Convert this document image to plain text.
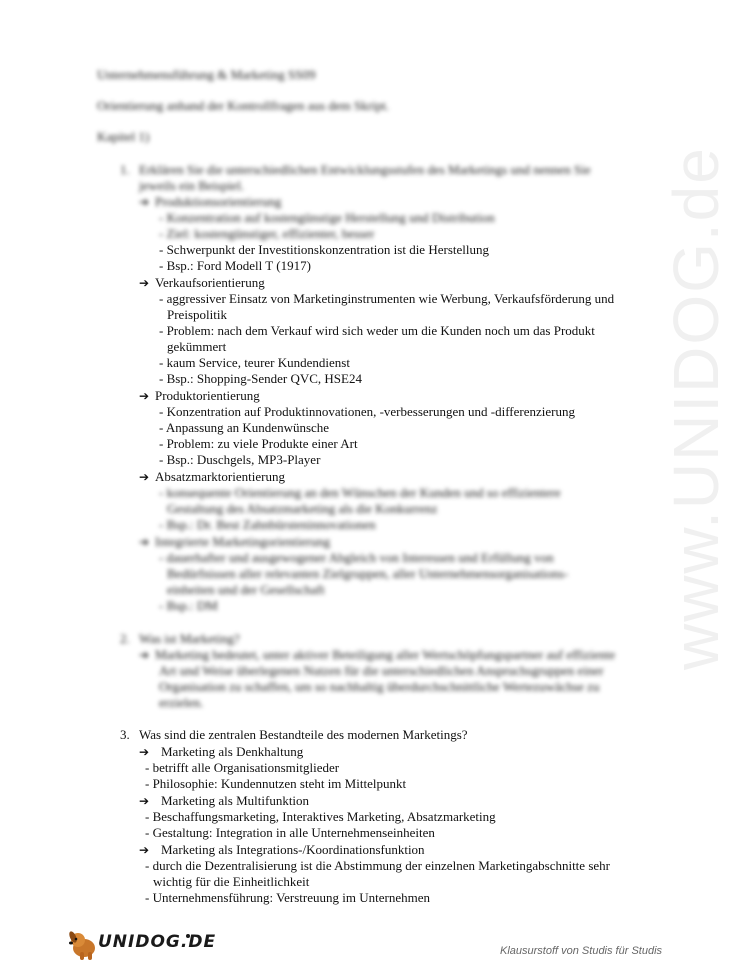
www.UNIDOG.de
Unternehmensführung & Marketing SS09
Orientierung anhand der Kontrollfragen aus dem Skript.
Kapitel 1)
1. Erklären Sie die unterschiedlichen Entwicklungsstufen des Marketings und nennen Sie
jeweils ein Beispiel.
➔ Produktionsorientierung
- Konzentration auf kostengünstige Herstellung und Distribution
- Ziel: kostengünstiger, effizienter, besser
- Schwerpunkt der Investitionskonzentration ist die Herstellung
- Bsp.: Ford Modell T (1917)
➔ Verkaufsorientierung
- aggressiver Einsatz von Marketinginstrumenten wie Werbung, Verkaufsförderung und
Preispolitik
- Problem: nach dem Verkauf wird sich weder um die Kunden noch um das Produkt
gekümmert
- kaum Service, teurer Kundendienst
- Bsp.: Shopping-Sender QVC, HSE24
➔ Produktorientierung
- Konzentration auf Produktinnovationen, -verbesserungen und -differenzierung
- Anpassung an Kundenwünsche
- Problem: zu viele Produkte einer Art
- Bsp.: Duschgels, MP3-Player
➔ Absatzmarktorientierung
- konsequente Orientierung an den Wünschen der Kunden und so effizientere
Gestaltung des Absatzmarketing als die Konkurrenz
- Bsp.: Dr. Best Zahnbürsteninnovationen
➔ Integrierte Marketingorientierung
- dauerhafter und ausgewogener Abgleich von Interessen und Erfüllung von
Bedürfnissen aller relevanten Zielgruppen, aller Unternehmensorganisations-
einheiten und der Gesellschaft
- Bsp.: DM
2. Was ist Marketing?
➔ Marketing bedeutet, unter aktiver Beteiligung aller Wertschöpfungspartner auf effiziente
Art und Weise überlegenen Nutzen für die unterschiedlichen Anspruchsgruppen einer
Organisation zu schaffen, um so nachhaltig überdurchschnittliche Wertezuwächse zu
erzielen.
3. Was sind die zentralen Bestandteile des modernen Marketings?
➔ Marketing als Denkhaltung
- betrifft alle Organisationsmitglieder
- Philosophie: Kundennutzen steht im Mittelpunkt
➔ Marketing als Multifunktion
- Beschaffungsmarketing, Interaktives Marketing, Absatzmarketing
- Gestaltung: Integration in alle Unternehmenseinheiten
➔ Marketing als Integrations-/Koordinationsfunktion
- durch die Dezentralisierung ist die Abstimmung der einzelnen Marketingabschnitte sehr
wichtig für die Einheitlichkeit
- Unternehmensführung: Verstreuung im Unternehmen
UNIDOG.DE	Klausurstoff von Studis für Studis
